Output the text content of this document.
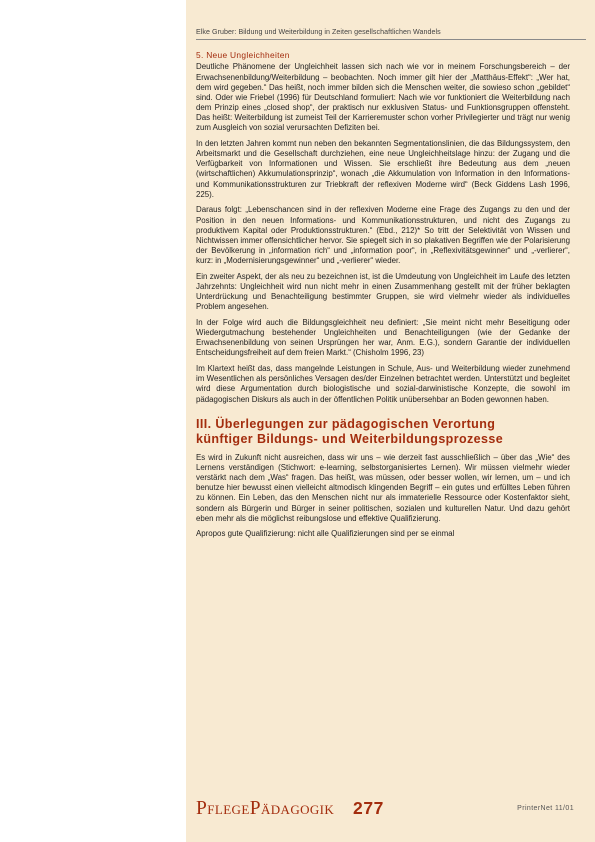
Elke Gruber: Bildung und Weiterbildung in Zeiten gesellschaftlichen Wandels
5. Neue Ungleichheiten

Deutliche Phänomene der Ungleichheit lassen sich nach wie vor in meinem Forschungsbereich – der Erwachsenenbildung/Weiterbildung – beobachten. Noch immer gilt hier der „Matthäus-Effekt“: „Wer hat, dem wird gegeben.“ Das heißt, noch immer bilden sich die Menschen weiter, die sowieso schon „gebildet“ sind. Oder wie Friebel (1996) für Deutschland formuliert: Nach wie vor funktioniert die Weiterbildung nach dem Prinzip eines „closed shop“, der praktisch nur exklusiven Status- und Funktionsgruppen offensteht. Das heißt: Weiterbildung ist zumeist Teil der Karrieremuster schon vorher Privilegierter und trägt nur wenig zum Ausgleich von sozial verursachten Defiziten bei.

In den letzten Jahren kommt nun neben den bekannten Segmentationslinien, die das Bildungssystem, den Arbeitsmarkt und die Gesellschaft durchziehen, eine neue Ungleichheitslage hinzu: der Zugang und die Verfügbarkeit von Informationen und Wissen. Sie erschließt ihre Bedeutung aus dem „neuen (wirtschaftlichen) Akkumulationsprinzip“, wonach „die Akkumulation von Information in den Informations- und Kommunikationsstrukturen zur Triebkraft der reflexiven Moderne wird“ (Beck Giddens Lash 1996, 225).

Daraus folgt: „Lebenschancen sind in der reflexiven Moderne eine Frage des Zugangs zu den und der Position in den neuen Informations- und Kommunikationsstrukturen, und nicht des Zugangs zu produktivem Kapital oder Produktionsstrukturen.“ (Ebd., 212)* So tritt der Selektivität von Wissen und Nichtwissen immer offensichtlicher hervor. Sie spiegelt sich in so plakativen Begriffen wie der Polarisierung der Bevölkerung in „information rich“ und „information poor“, in „Reflexivitätsgewinner“ und „-verlierer“, kurz: in „Modernisierungsgewinner“ und „-verlierer“ wieder.

Ein zweiter Aspekt, der als neu zu bezeichnen ist, ist die Umdeutung von Ungleichheit im Laufe des letzten Jahrzehnts: Ungleichheit wird nun nicht mehr in einen Zusammenhang gestellt mit der früher beklagten Unterdrückung und Benachteiligung bestimmter Gruppen, sie wird vielmehr wieder als individuelles Problem angesehen.

In der Folge wird auch die Bildungsgleichheit neu definiert: „Sie meint nicht mehr Beseitigung oder Wiedergutmachung bestehender Ungleichheiten und Benachteiligungen (wie der Gedanke der Erwachsenenbildung von seinen Ursprüngen her war, Anm. E.G.), sondern Garantie der individuellen Entscheidungsfreiheit auf dem freien Markt.“ (Chisholm 1996, 23)

Im Klartext heißt das, dass mangelnde Leistungen in Schule, Aus- und Weiterbildung wieder zunehmend im Wesentlichen als persönliches Versagen des/der Einzelnen betrachtet werden. Unterstützt und begleitet wird diese Argumentation durch biologistische und sozial-darwinistische Konzepte, die sowohl im pädagogischen Diskurs als auch in der öffentlichen Politik unübersehbar an Boden gewonnen haben.

III. Überlegungen zur pädagogischen Verortung
künftiger Bildungs- und Weiterbildungsprozesse

Es wird in Zukunft nicht ausreichen, dass wir uns – wie derzeit fast ausschließlich – über das „Wie“ des Lernens verständigen (Stichwort: e-learning, selbstorganisiertes Lernen). Wir müssen vielmehr wieder verstärkt nach dem „Was“ fragen. Das heißt, was müssen, oder besser wollen, wir lernen, um – und ich benutze hier bewusst einen vielleicht altmodisch klingenden Begriff – ein gutes und erfülltes Leben führen zu können. Ein Leben, das den Menschen nicht nur als immaterielle Ressource oder Kostenfaktor sieht, sondern als Bürgerin und Bürger in seiner politischen, sozialen und kulturellen Natur. Und dazu gehört eben mehr als die möglichst reibungslose und effektive Qualifizierung.

Apropos gute Qualifizierung: nicht alle Qualifizierungen sind per se einmal

PFLEGEPÄDAGOGIK 277	PrinterNet 11/01
